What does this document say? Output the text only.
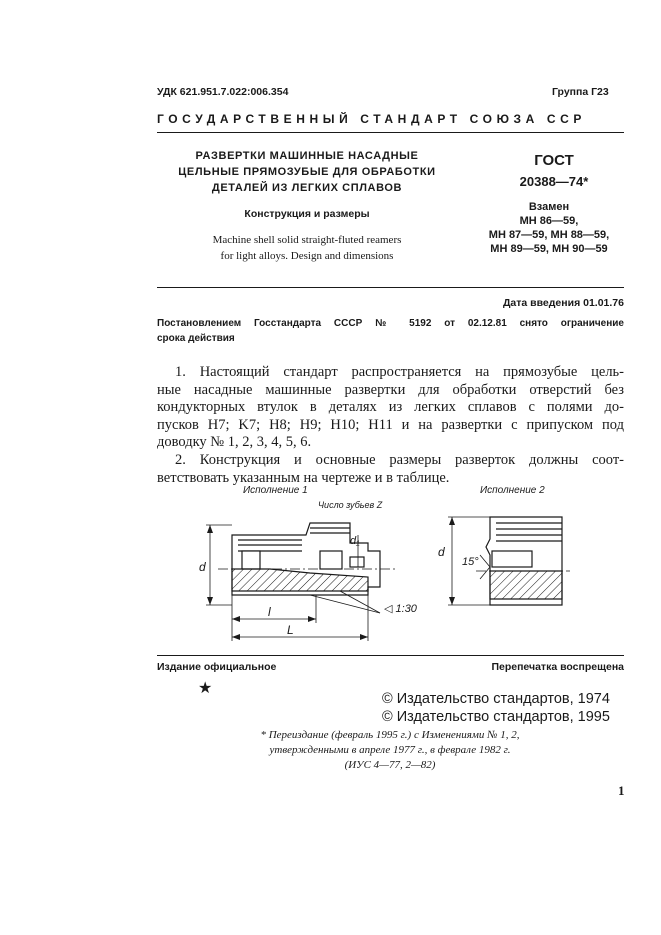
УДК 621.951.7.022:006.354	Группа Г23
ГОСУДАРСТВЕННЫЙ СТАНДАРТ СОЮЗА ССР
РАЗВЕРТКИ МАШИННЫЕ НАСАДНЫЕ
ЦЕЛЬНЫЕ ПРЯМОЗУБЫЕ ДЛЯ ОБРАБОТКИ
ДЕТАЛЕЙ ИЗ ЛЕГКИХ СПЛАВОВ
Конструкция и размеры
Machine shell solid straight-fluted reamers
for light alloys. Design and dimensions
ГОСТ
20388—74*
Взамен
МН 86—59,
МН 87—59, МН 88—59,
МН 89—59, МН 90—59
Дата введения 01.01.76
Постановлением Госстандарта СССР № 5192 от 02.12.81 снято ограничение
срока действия
1. Настоящий стандарт распространяется на прямозубые цель-
ные насадные машинные развертки для обработки отверстий без
кондукторных втулок в деталях из легких сплавов с полями до-
пусков H7; K7; H8; H9; H10; H11 и на развертки с припуском под
доводку № 1, 2, 3, 4, 5, 6.
2. Конструкция и основные размеры разверток должны соот-
ветствовать указанным на чертеже и в таблице.
Исполнение 1	Исполнение 2
Число зубьев Z
d
d₁
l
L
◁ 1:30
15°
d
Издание официальное	Перепечатка воспрещена
★
© Издательство стандартов, 1974
© Издательство стандартов, 1995
* Переиздание (февраль 1995 г.) с Изменениями № 1, 2,
утвержденными в апреле 1977 г., в феврале 1982 г.
(ИУС 4—77, 2—82)
1
